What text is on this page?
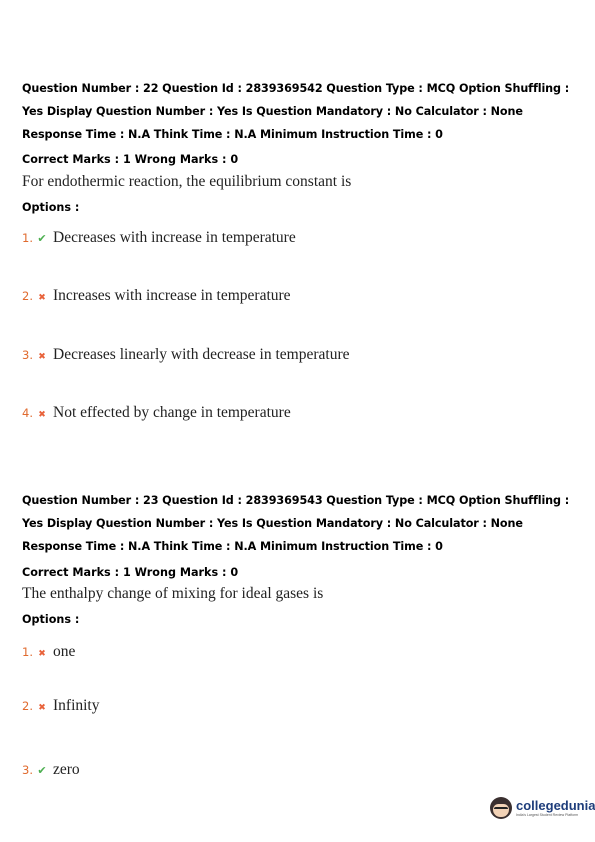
Question Number : 22 Question Id : 2839369542 Question Type : MCQ Option Shuffling : Yes Display Question Number : Yes Is Question Mandatory : No Calculator : None Response Time : N.A Think Time : N.A Minimum Instruction Time : 0
Correct Marks : 1 Wrong Marks : 0
For endothermic reaction, the equilibrium constant is
Options :
1. ✔ Decreases with increase in temperature
2. ✖ Increases with increase in temperature
3. ✖ Decreases linearly with decrease in temperature
4. ✖ Not effected by change in temperature
Question Number : 23 Question Id : 2839369543 Question Type : MCQ Option Shuffling : Yes Display Question Number : Yes Is Question Mandatory : No Calculator : None Response Time : N.A Think Time : N.A Minimum Instruction Time : 0
Correct Marks : 1 Wrong Marks : 0
The enthalpy change of mixing for ideal gases is
Options :
1. ✖ one
2. ✖ Infinity
3. ✔ zero
collegedunia
India's Largest Student Review Platform
